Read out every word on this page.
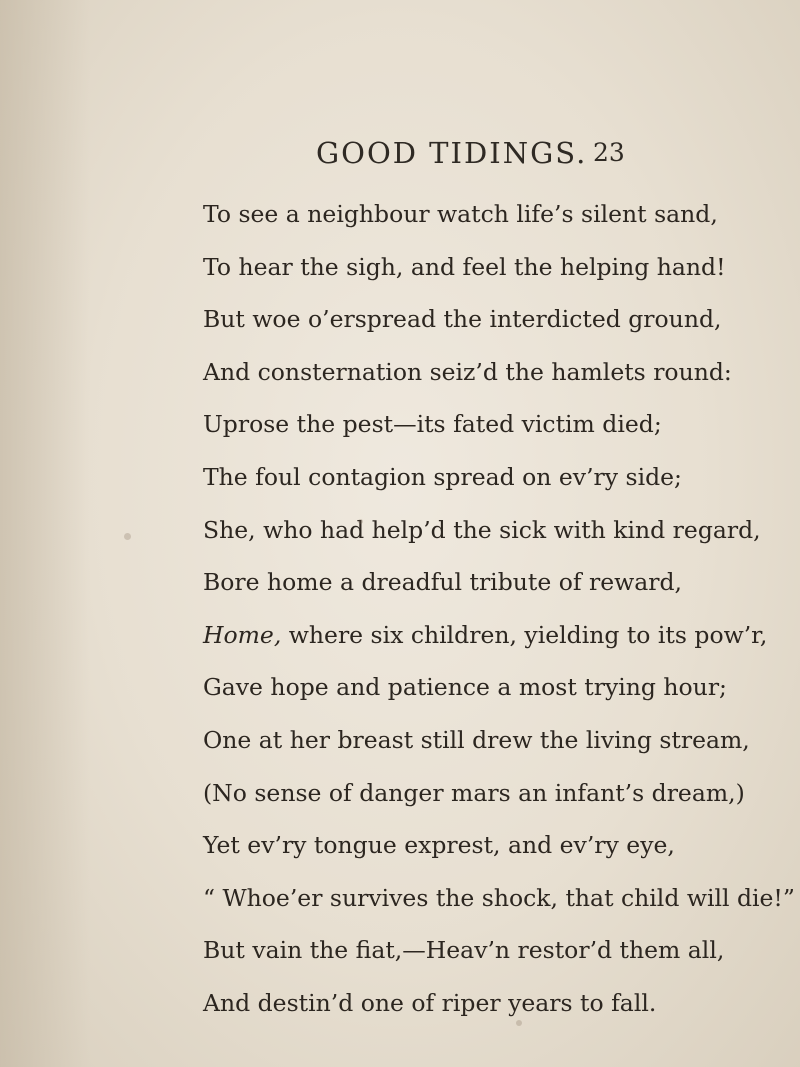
GOOD TIDINGS. 23
To see a neighbour watch life’s silent sand,
To hear the sigh, and feel the helping hand!
But woe o’erspread the interdicted ground,
And consternation seiz’d the hamlets round:
Uprose the pest—its fated victim died;
The foul contagion spread on ev’ry side;
She, who had help’d the sick with kind regard,
Bore home a dreadful tribute of reward,
Home, where six children, yielding to its pow’r,
Gave hope and patience a most trying hour;
One at her breast still drew the living stream,
(No sense of danger mars an infant’s dream,)
Yet ev’ry tongue exprest, and ev’ry eye,
“ Whoe’er survives the shock, that child will die!”
But vain the fiat,—Heav’n restor’d them all,
And destin’d one of riper years to fall.
